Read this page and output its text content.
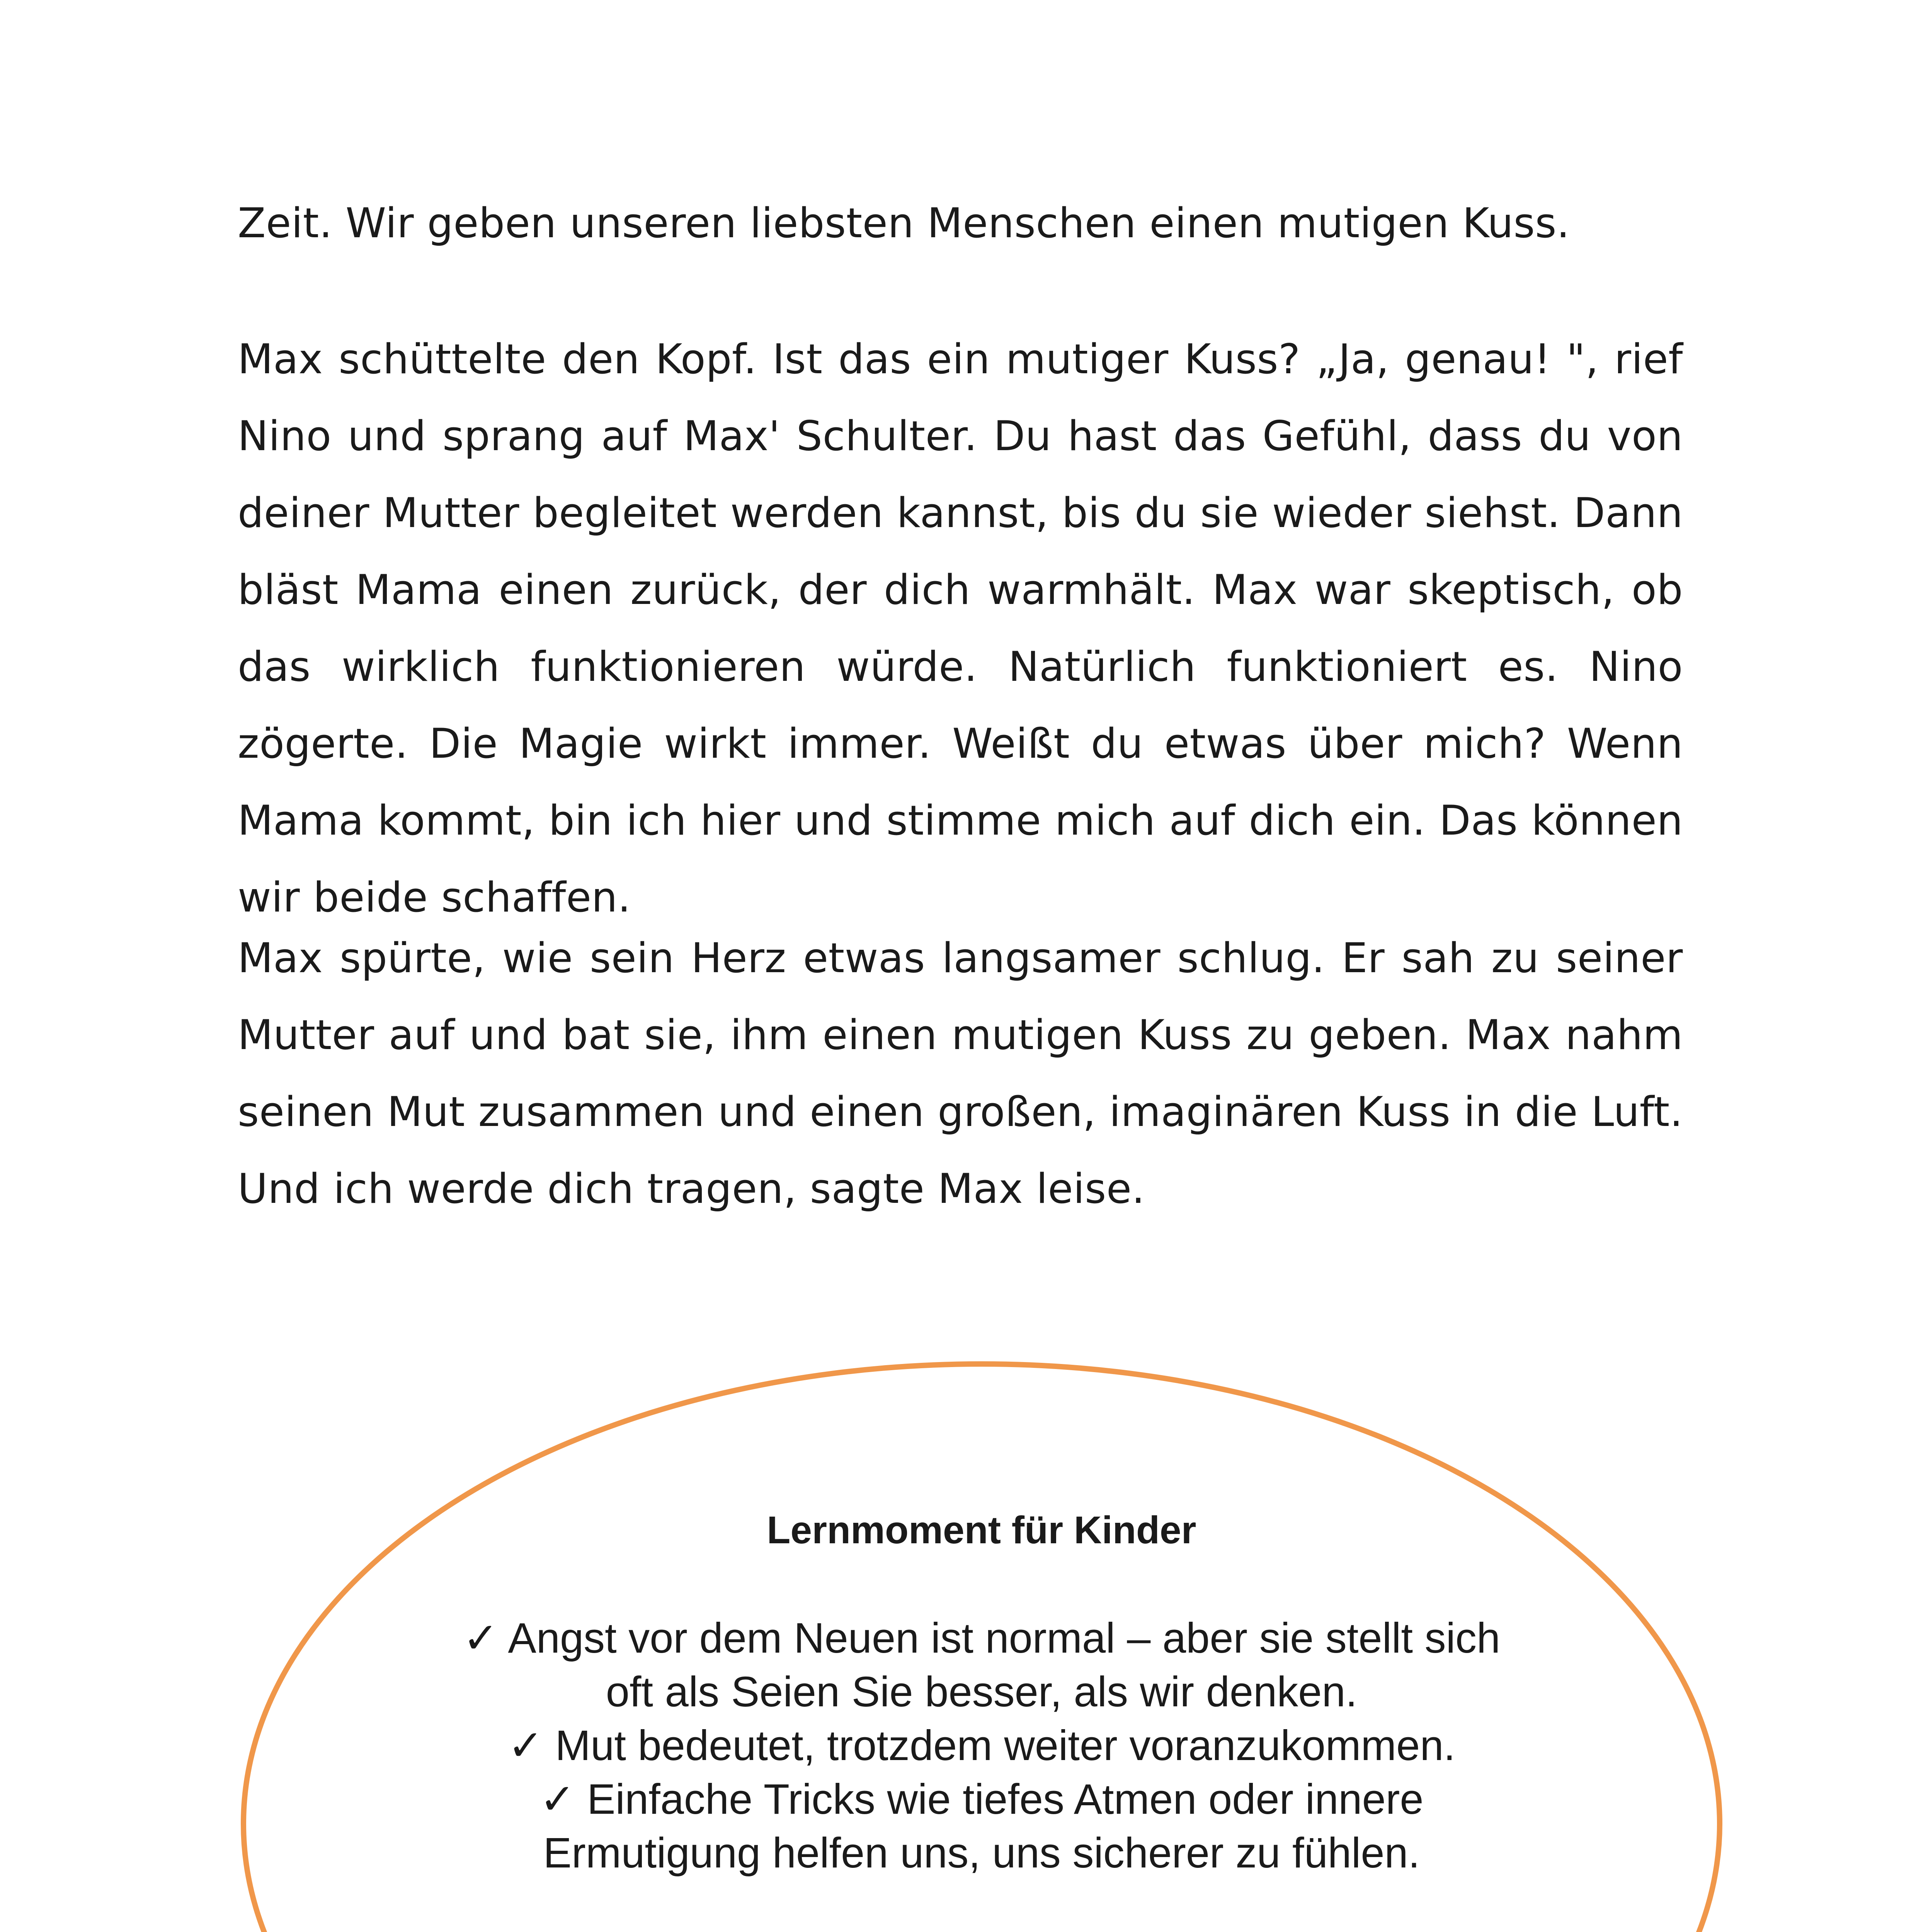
Zeit. Wir geben unseren liebsten Menschen einen mutigen Kuss.

Max schüttelte den Kopf. Ist das ein mutiger Kuss? „Ja, genau! ", rief Nino und sprang auf Max' Schulter. Du hast das Gefühl, dass du von deiner Mutter begleitet werden kannst, bis du sie wieder siehst. Dann bläst Mama einen zurück, der dich warmhält. Max war skeptisch, ob das wirklich funktionieren würde. Natürlich funktioniert es. Nino zögerte. Die Magie wirkt immer. Weißt du etwas über mich? Wenn Mama kommt, bin ich hier und stimme mich auf dich ein. Das können wir beide schaffen.

Max spürte, wie sein Herz etwas langsamer schlug. Er sah zu seiner Mutter auf und bat sie, ihm einen mutigen Kuss zu geben. Max nahm seinen Mut zusammen und einen großen, imaginären Kuss in die Luft. Und ich werde dich tragen, sagte Max leise.

Lernmoment für Kinder
✓ Angst vor dem Neuen ist normal – aber sie stellt sich oft als Seien Sie besser, als wir denken.
✓ Mut bedeutet, trotzdem weiter voranzukommen.
✓ Einfache Tricks wie tiefes Atmen oder innere Ermutigung helfen uns, uns sicherer zu fühlen.
